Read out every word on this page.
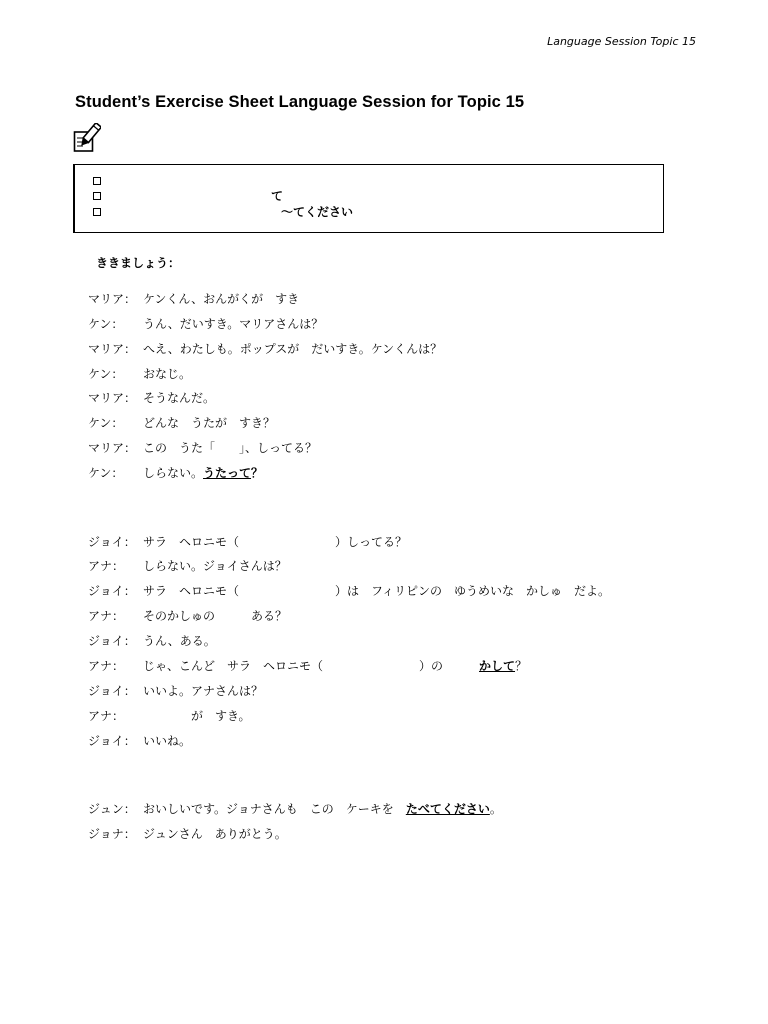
Language Session Topic 15
Student’s Exercise Sheet Language Session for Topic 15
て
～てください
ききましょう：
マリア： ケンくん、おんがくが　すき
ケン： うん、だいすき。マリアさんは？
マリア： へえ、わたしも。ポップスが　だいすき。ケンくんは？
ケン： おなじ。
マリア： そうなんだ。
ケン： どんな　うたが　すき？
マリア： この　うた「　　」、しってる？
ケン： しらない。うたって？
ジョイ： サラ　ヘロニモ（　　　　　　　　）しってる？
アナ： しらない。ジョイさんは？
ジョイ： サラ　ヘロニモ（　　　　　　　　）は　フィリピンの　ゆうめいな　かしゅ　だよ。
アナ： そのかしゅの　　　ある？
ジョイ： うん、ある。
アナ： じゃ、こんど　サラ　ヘロニモ（　　　　　　　　）の　　　かして？
ジョイ： いいよ。アナさんは？
アナ： 　　　　が　すき。
ジョイ： いいね。
ジュン： おいしいです。ジョナさんも　この　ケーキを　たべてください。
ジョナ： ジュンさん　ありがとう。
